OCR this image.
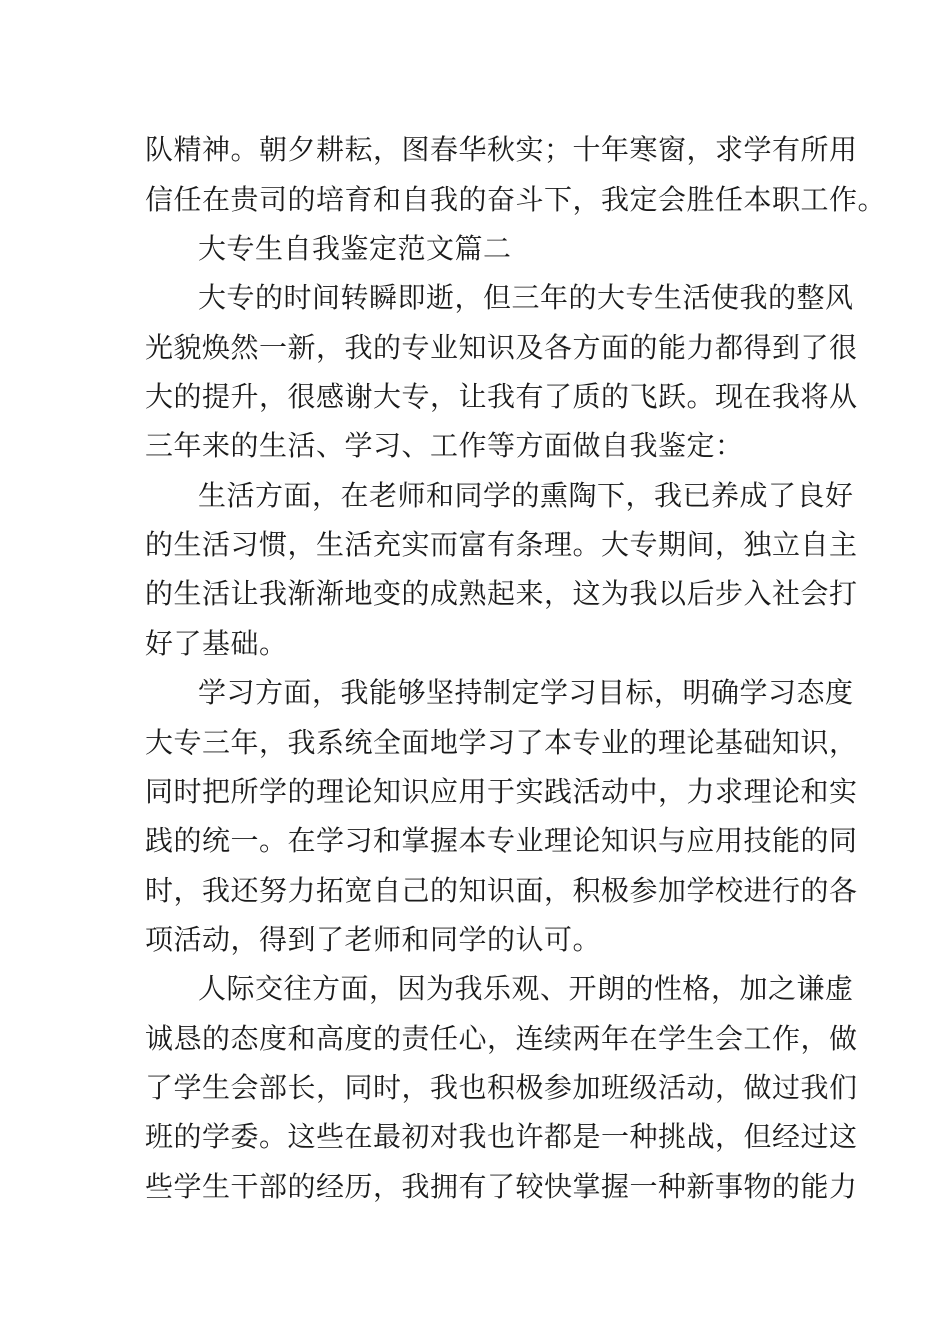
队精神。朝夕耕耘，图春华秋实；十年寒窗，求学有所用
信任在贵司的培育和自我的奋斗下，我定会胜任本职工作。
大专生自我鉴定范文篇二
大专的时间转瞬即逝，但三年的大专生活使我的整风
光貌焕然一新，我的专业知识及各方面的能力都得到了很
大的提升，很感谢大专，让我有了质的飞跃。现在我将从
三年来的生活、学习、工作等方面做自我鉴定：
生活方面，在老师和同学的熏陶下，我已养成了良好
的生活习惯，生活充实而富有条理。大专期间，独立自主
的生活让我渐渐地变的成熟起来，这为我以后步入社会打
好了基础。
学习方面，我能够坚持制定学习目标，明确学习态度
大专三年，我系统全面地学习了本专业的理论基础知识，
同时把所学的理论知识应用于实践活动中，力求理论和实
践的统一。在学习和掌握本专业理论知识与应用技能的同
时，我还努力拓宽自己的知识面，积极参加学校进行的各
项活动，得到了老师和同学的认可。
人际交往方面，因为我乐观、开朗的性格，加之谦虚
诚恳的态度和高度的责任心，连续两年在学生会工作，做
了学生会部长，同时，我也积极参加班级活动，做过我们
班的学委。这些在最初对我也许都是一种挑战，但经过这
些学生干部的经历，我拥有了较快掌握一种新事物的能力
